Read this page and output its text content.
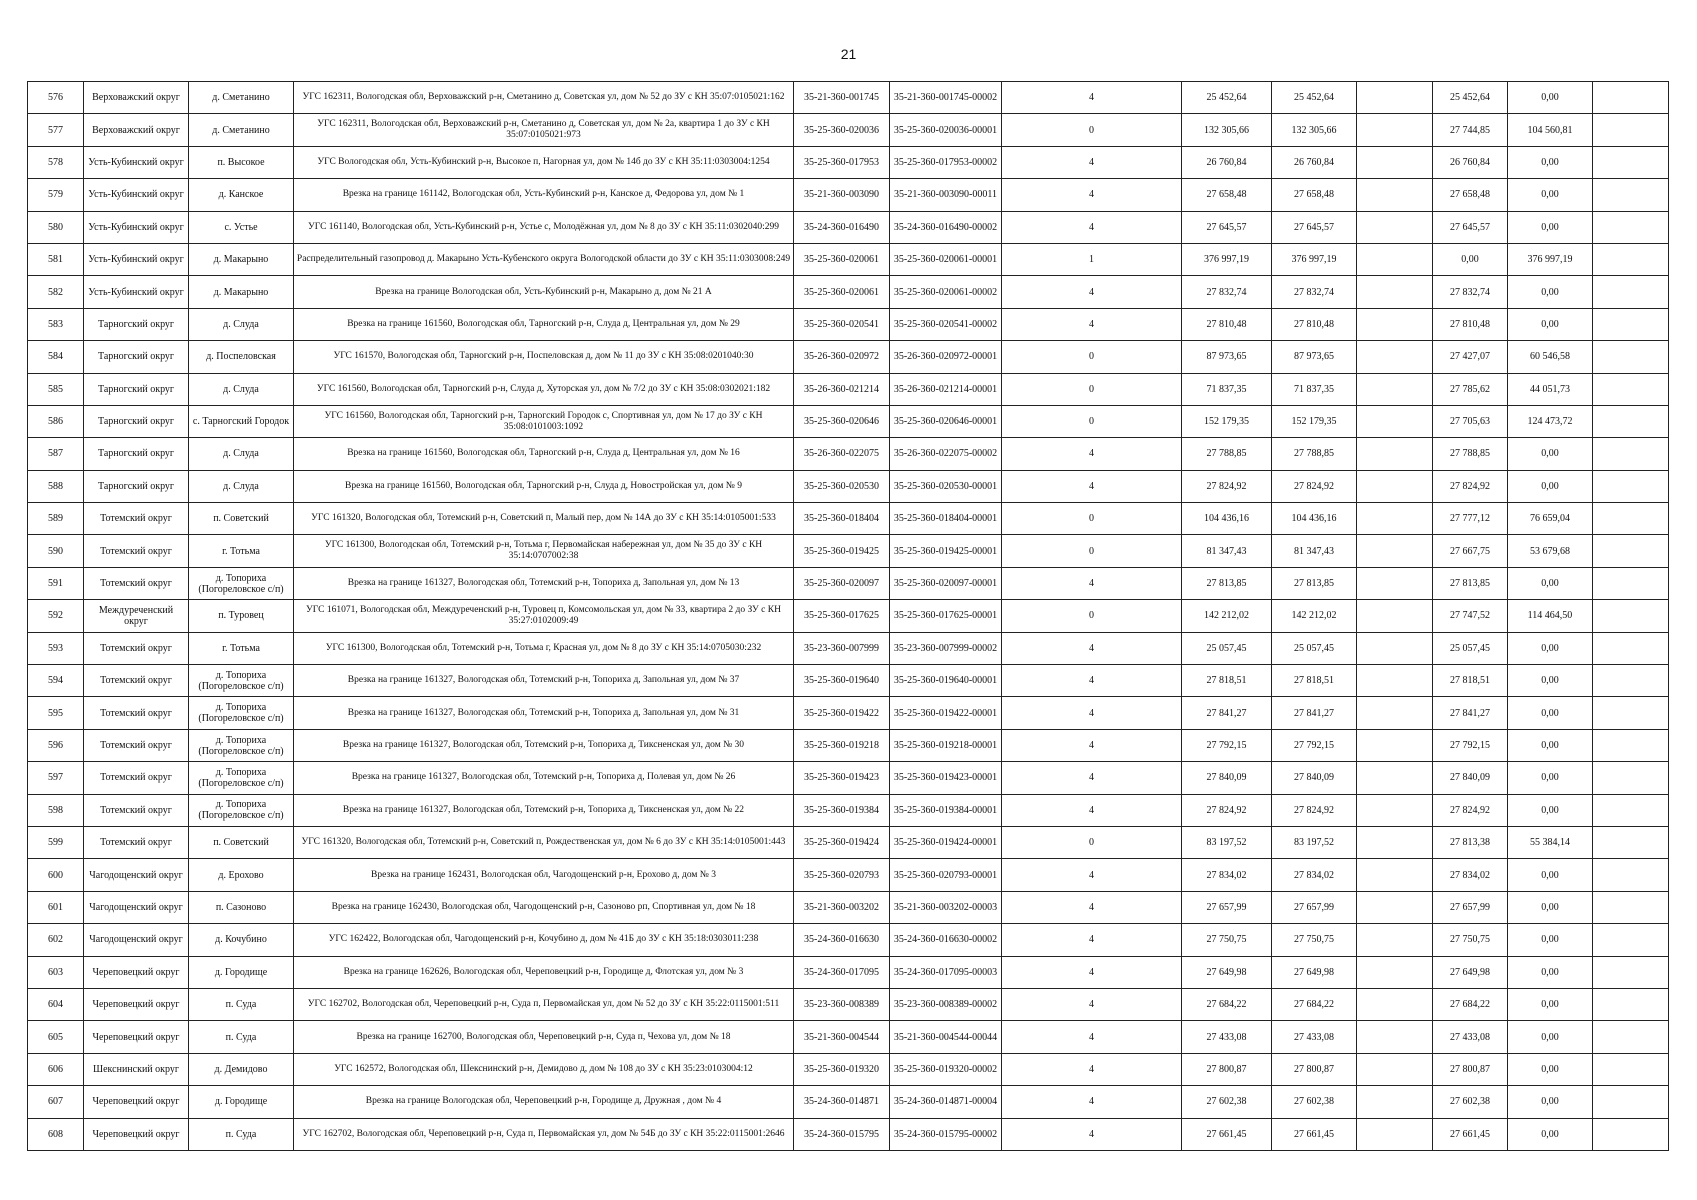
21
576	Верховажский округ	д. Сметанино	УГС 162311, Вологодская обл, Верховажский р-н, Сметанино д, Советская ул, дом № 52 до ЗУ с КН 35:07:0105021:162	35-21-360-001745	35-21-360-001745-00002	4	25 452,64	25 452,64		25 452,64	0,00	
577	Верховажский округ	д. Сметанино	УГС 162311, Вологодская обл, Верховажский р-н, Сметанино д, Советская ул, дом № 2а, квартира 1 до ЗУ с КН 35:07:0105021:973	35-25-360-020036	35-25-360-020036-00001	0	132 305,66	132 305,66		27 744,85	104 560,81	
578	Усть-Кубинский округ	п. Высокое	УГС Вологодская обл, Усть-Кубинский р-н, Высокое п, Нагорная ул, дом № 14б до ЗУ с КН 35:11:0303004:1254	35-25-360-017953	35-25-360-017953-00002	4	26 760,84	26 760,84		26 760,84	0,00	
579	Усть-Кубинский округ	д. Канское	Врезка на границе 161142, Вологодская обл, Усть-Кубинский р-н, Канское д, Федорова ул, дом № 1	35-21-360-003090	35-21-360-003090-00011	4	27 658,48	27 658,48		27 658,48	0,00	
580	Усть-Кубинский округ	с. Устье	УГС 161140, Вологодская обл, Усть-Кубинский р-н, Устье с, Молодёжная ул, дом № 8 до ЗУ с КН 35:11:0302040:299	35-24-360-016490	35-24-360-016490-00002	4	27 645,57	27 645,57		27 645,57	0,00	
581	Усть-Кубинский округ	д. Макарыно	Распределительный газопровод д. Макарыно Усть-Кубенского округа Вологодской области до ЗУ с КН 35:11:0303008:249	35-25-360-020061	35-25-360-020061-00001	1	376 997,19	376 997,19		0,00	376 997,19	
582	Усть-Кубинский округ	д. Макарыно	Врезка на границе Вологодская обл, Усть-Кубинский р-н, Макарыно д, дом № 21 А	35-25-360-020061	35-25-360-020061-00002	4	27 832,74	27 832,74		27 832,74	0,00	
583	Тарногский округ	д. Слуда	Врезка на границе 161560, Вологодская обл, Тарногский р-н, Слуда д, Центральная ул, дом № 29	35-25-360-020541	35-25-360-020541-00002	4	27 810,48	27 810,48		27 810,48	0,00	
584	Тарногский округ	д. Поспеловская	УГС 161570, Вологодская обл, Тарногский р-н, Поспеловская д, дом № 11 до ЗУ с КН 35:08:0201040:30	35-26-360-020972	35-26-360-020972-00001	0	87 973,65	87 973,65		27 427,07	60 546,58	
585	Тарногский округ	д. Слуда	УГС 161560, Вологодская обл, Тарногский р-н, Слуда д, Хуторская ул, дом № 7/2 до ЗУ с КН 35:08:0302021:182	35-26-360-021214	35-26-360-021214-00001	0	71 837,35	71 837,35		27 785,62	44 051,73	
586	Тарногский округ	с. Тарногский Городок	УГС 161560, Вологодская обл, Тарногский р-н, Тарногский Городок с, Спортивная ул, дом № 17 до ЗУ с КН 35:08:0101003:1092	35-25-360-020646	35-25-360-020646-00001	0	152 179,35	152 179,35		27 705,63	124 473,72	
587	Тарногский округ	д. Слуда	Врезка на границе 161560, Вологодская обл, Тарногский р-н, Слуда д, Центральная ул, дом № 16	35-26-360-022075	35-26-360-022075-00002	4	27 788,85	27 788,85		27 788,85	0,00	
588	Тарногский округ	д. Слуда	Врезка на границе 161560, Вологодская обл, Тарногский р-н, Слуда д, Новостройская ул, дом № 9	35-25-360-020530	35-25-360-020530-00001	4	27 824,92	27 824,92		27 824,92	0,00	
589	Тотемский округ	п. Советский	УГС 161320, Вологодская обл, Тотемский р-н, Советский п, Малый пер, дом № 14А до ЗУ с КН 35:14:0105001:533	35-25-360-018404	35-25-360-018404-00001	0	104 436,16	104 436,16		27 777,12	76 659,04	
590	Тотемский округ	г. Тотьма	УГС 161300, Вологодская обл, Тотемский р-н, Тотьма г, Первомайская набережная ул, дом № 35 до ЗУ с КН 35:14:0707002:38	35-25-360-019425	35-25-360-019425-00001	0	81 347,43	81 347,43		27 667,75	53 679,68	
591	Тотемский округ	д. Топориха (Погореловское с/п)	Врезка на границе 161327, Вологодская обл, Тотемский р-н, Топориха д, Запольная ул, дом № 13	35-25-360-020097	35-25-360-020097-00001	4	27 813,85	27 813,85		27 813,85	0,00	
592	Междуреченский округ	п. Туровец	УГС 161071, Вологодская обл, Междуреченский р-н, Туровец п, Комсомольская ул, дом № 33, квартира 2 до ЗУ с КН 35:27:0102009:49	35-25-360-017625	35-25-360-017625-00001	0	142 212,02	142 212,02		27 747,52	114 464,50	
593	Тотемский округ	г. Тотьма	УГС 161300, Вологодская обл, Тотемский р-н, Тотьма г, Красная ул, дом № 8 до ЗУ с КН 35:14:0705030:232	35-23-360-007999	35-23-360-007999-00002	4	25 057,45	25 057,45		25 057,45	0,00	
594	Тотемский округ	д. Топориха (Погореловское с/п)	Врезка на границе 161327, Вологодская обл, Тотемский р-н, Топориха д, Запольная ул, дом № 37	35-25-360-019640	35-25-360-019640-00001	4	27 818,51	27 818,51		27 818,51	0,00	
595	Тотемский округ	д. Топориха (Погореловское с/п)	Врезка на границе 161327, Вологодская обл, Тотемский р-н, Топориха д, Запольная ул, дом № 31	35-25-360-019422	35-25-360-019422-00001	4	27 841,27	27 841,27		27 841,27	0,00	
596	Тотемский округ	д. Топориха (Погореловское с/п)	Врезка на границе 161327, Вологодская обл, Тотемский р-н, Топориха д, Тиксненская ул, дом № 30	35-25-360-019218	35-25-360-019218-00001	4	27 792,15	27 792,15		27 792,15	0,00	
597	Тотемский округ	д. Топориха (Погореловское с/п)	Врезка на границе 161327, Вологодская обл, Тотемский р-н, Топориха д, Полевая ул, дом № 26	35-25-360-019423	35-25-360-019423-00001	4	27 840,09	27 840,09		27 840,09	0,00	
598	Тотемский округ	д. Топориха (Погореловское с/п)	Врезка на границе 161327, Вологодская обл, Тотемский р-н, Топориха д, Тиксненская ул, дом № 22	35-25-360-019384	35-25-360-019384-00001	4	27 824,92	27 824,92		27 824,92	0,00	
599	Тотемский округ	п. Советский	УГС 161320, Вологодская обл, Тотемский р-н, Советский п, Рождественская ул, дом № 6 до ЗУ с КН 35:14:0105001:443	35-25-360-019424	35-25-360-019424-00001	0	83 197,52	83 197,52		27 813,38	55 384,14	
600	Чагодощенский округ	д. Ерохово	Врезка на границе 162431, Вологодская обл, Чагодощенский р-н, Ерохово д, дом № 3	35-25-360-020793	35-25-360-020793-00001	4	27 834,02	27 834,02		27 834,02	0,00	
601	Чагодощенский округ	п. Сазоново	Врезка на границе 162430, Вологодская обл, Чагодощенский р-н, Сазоново рп, Спортивная ул, дом № 18	35-21-360-003202	35-21-360-003202-00003	4	27 657,99	27 657,99		27 657,99	0,00	
602	Чагодощенский округ	д. Кочубино	УГС 162422, Вологодская обл, Чагодощенский р-н, Кочубино д, дом № 41Б до ЗУ с КН 35:18:0303011:238	35-24-360-016630	35-24-360-016630-00002	4	27 750,75	27 750,75		27 750,75	0,00	
603	Череповецкий округ	д. Городище	Врезка на границе 162626, Вологодская обл, Череповецкий р-н, Городище д, Флотская ул, дом № 3	35-24-360-017095	35-24-360-017095-00003	4	27 649,98	27 649,98		27 649,98	0,00	
604	Череповецкий округ	п. Суда	УГС 162702, Вологодская обл, Череповецкий р-н, Суда п, Первомайская ул, дом № 52 до ЗУ с КН 35:22:0115001:511	35-23-360-008389	35-23-360-008389-00002	4	27 684,22	27 684,22		27 684,22	0,00	
605	Череповецкий округ	п. Суда	Врезка на границе 162700, Вологодская обл, Череповецкий р-н, Суда п, Чехова ул, дом № 18	35-21-360-004544	35-21-360-004544-00044	4	27 433,08	27 433,08		27 433,08	0,00	
606	Шекснинский округ	д. Демидово	УГС 162572, Вологодская обл, Шекснинский р-н, Демидово д, дом № 108 до ЗУ с КН 35:23:0103004:12	35-25-360-019320	35-25-360-019320-00002	4	27 800,87	27 800,87		27 800,87	0,00	
607	Череповецкий округ	д. Городище	Врезка на границе Вологодская обл, Череповецкий р-н, Городище д, Дружная , дом № 4	35-24-360-014871	35-24-360-014871-00004	4	27 602,38	27 602,38		27 602,38	0,00	
608	Череповецкий округ	п. Суда	УГС 162702, Вологодская обл, Череповецкий р-н, Суда п, Первомайская ул, дом № 54Б до ЗУ с КН 35:22:0115001:2646	35-24-360-015795	35-24-360-015795-00002	4	27 661,45	27 661,45		27 661,45	0,00	
